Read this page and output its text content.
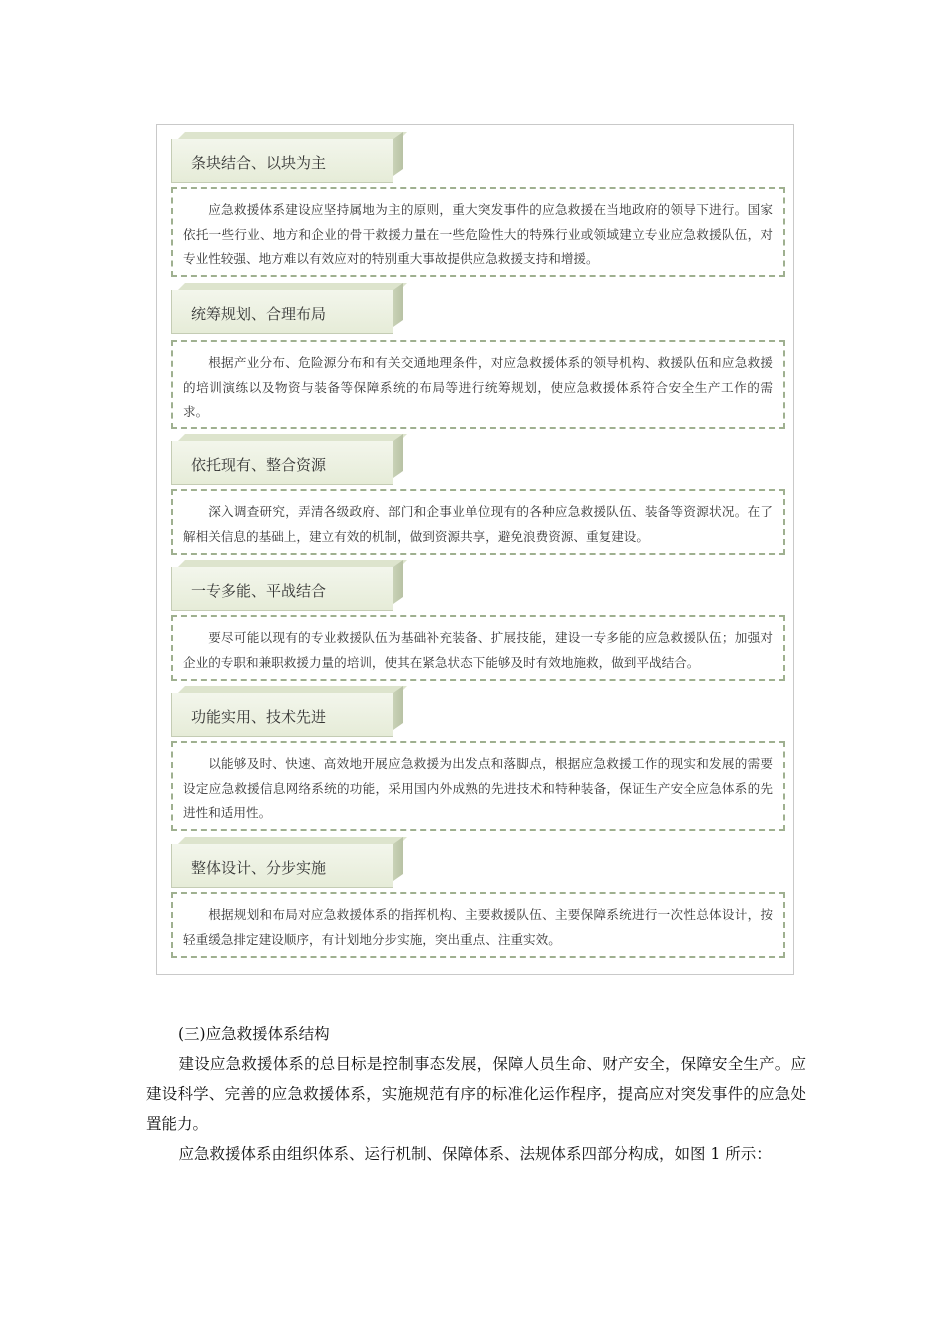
条块结合、以块为主
应急救援体系建设应坚持属地为主的原则，重大突发事件的应急救援在当地政府的领导下进行。国家依托一些行业、地方和企业的骨干救援力量在一些危险性大的特殊行业或领域建立专业应急救援队伍，对专业性较强、地方难以有效应对的特别重大事故提供应急救援支持和增援。
统筹规划、合理布局
根据产业分布、危险源分布和有关交通地理条件，对应急救援体系的领导机构、救援队伍和应急救援的培训演练以及物资与装备等保障系统的布局等进行统筹规划，使应急救援体系符合安全生产工作的需求。
依托现有、整合资源
深入调查研究，弄清各级政府、部门和企事业单位现有的各种应急救援队伍、装备等资源状况。在了解相关信息的基础上，建立有效的机制，做到资源共享，避免浪费资源、重复建设。
一专多能、平战结合
要尽可能以现有的专业救援队伍为基础补充装备、扩展技能，建设一专多能的应急救援队伍；加强对企业的专职和兼职救援力量的培训，使其在紧急状态下能够及时有效地施救，做到平战结合。
功能实用、技术先进
以能够及时、快速、高效地开展应急救援为出发点和落脚点，根据应急救援工作的现实和发展的需要设定应急救援信息网络系统的功能，采用国内外成熟的先进技术和特种装备，保证生产安全应急体系的先进性和适用性。
整体设计、分步实施
根据规划和布局对应急救援体系的指挥机构、主要救援队伍、主要保障系统进行一次性总体设计，按轻重缓急排定建设顺序，有计划地分步实施，突出重点、注重实效。
(三)应急救援体系结构
建设应急救援体系的总目标是控制事态发展，保障人员生命、财产安全，保障安全生产。应建设科学、完善的应急救援体系，实施规范有序的标准化运作程序，提高应对突发事件的应急处置能力。
应急救援体系由组织体系、运行机制、保障体系、法规体系四部分构成，如图 1 所示：
